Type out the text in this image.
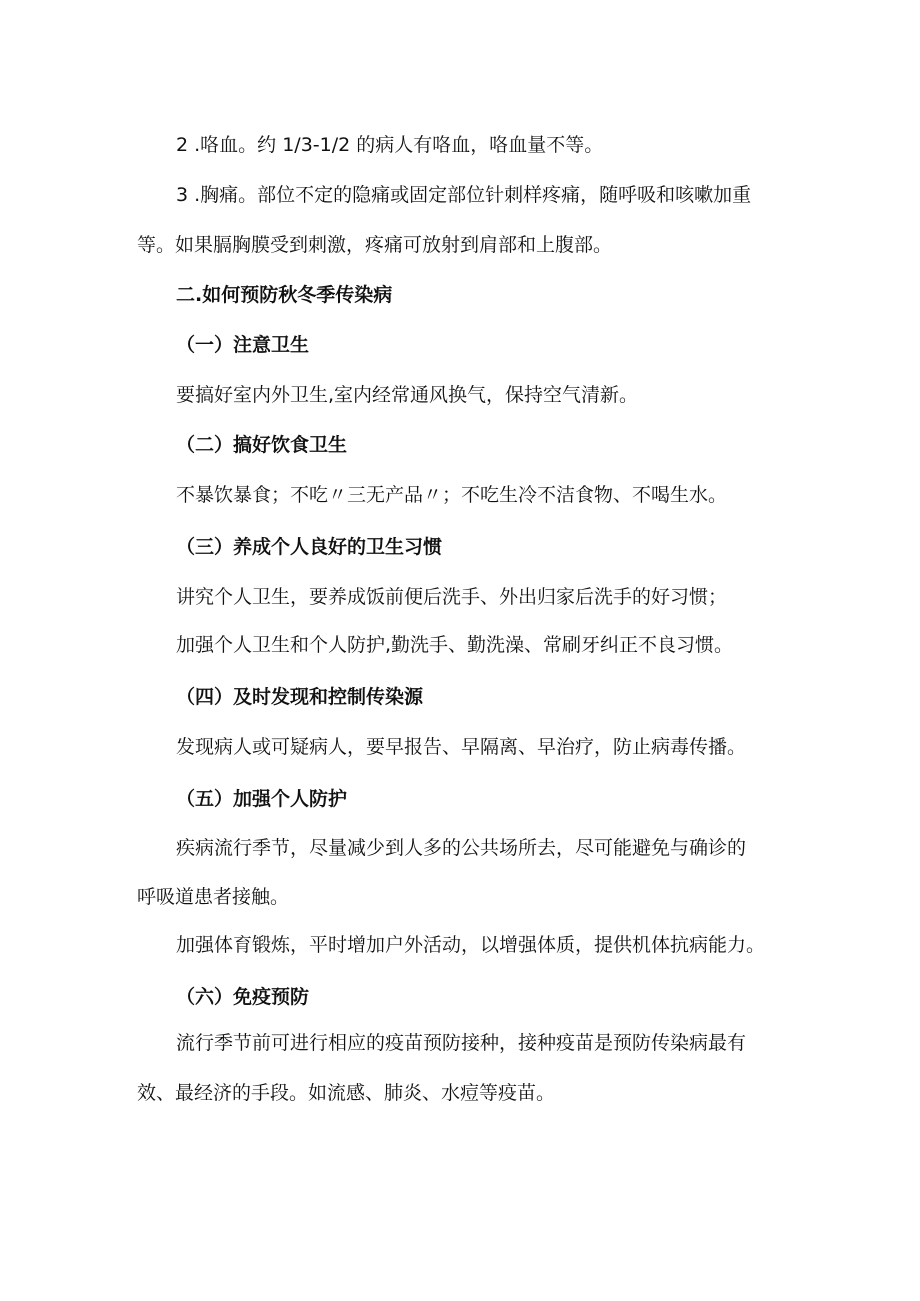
2 .咯血。约 1/3-1/2 的病人有咯血，咯血量不等。
3 .胸痛。部位不定的隐痛或固定部位针刺样疼痛，随呼吸和咳嗽加重
等。如果膈胸膜受到刺激，疼痛可放射到肩部和上腹部。
二.如何预防秋冬季传染病
（一）注意卫生
要搞好室内外卫生,室内经常通风换气，保持空气清新。
（二）搞好饮食卫生
不暴饮暴食；不吃〃三无产品〃；不吃生冷不洁食物、不喝生水。
（三）养成个人良好的卫生习惯
讲究个人卫生，要养成饭前便后洗手、外出归家后洗手的好习惯；
加强个人卫生和个人防护,勤洗手、勤洗澡、常刷牙纠正不良习惯。
（四）及时发现和控制传染源
发现病人或可疑病人，要早报告、早隔离、早治疗，防止病毒传播。
（五）加强个人防护
疾病流行季节，尽量减少到人多的公共场所去，尽可能避免与确诊的
呼吸道患者接触。
加强体育锻炼，平时增加户外活动，以增强体质，提供机体抗病能力。
（六）免疫预防
流行季节前可进行相应的疫苗预防接种，接种疫苗是预防传染病最有
效、最经济的手段。如流感、肺炎、水痘等疫苗。
